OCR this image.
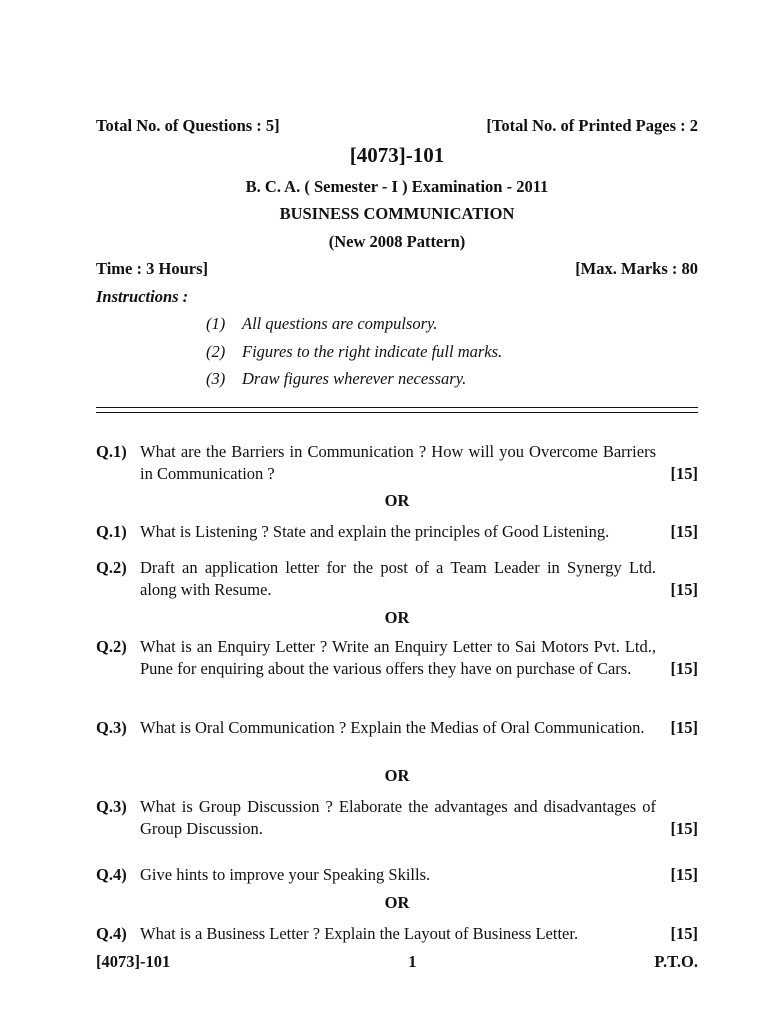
Total No. of Questions : 5]	[Total No. of Printed Pages : 2
[4073]-101
B. C. A. ( Semester - I ) Examination - 2011
BUSINESS COMMUNICATION
(New 2008 Pattern)
Time : 3 Hours]	[Max. Marks : 80
Instructions :
(1) All questions are compulsory.
(2) Figures to the right indicate full marks.
(3) Draw figures wherever necessary.
Q.1) What are the Barriers in Communication ? How will you Overcome Barriers in Communication ?	[15]
OR
Q.1) What is Listening ? State and explain the principles of Good Listening.	[15]
Q.2) Draft an application letter for the post of a Team Leader in Synergy Ltd. along with Resume.	[15]
OR
Q.2) What is an Enquiry Letter ? Write an Enquiry Letter to Sai Motors Pvt. Ltd., Pune for enquiring about the various offers they have on purchase of Cars.	[15]
Q.3) What is Oral Communication ? Explain the Medias of Oral Communication.	[15]
OR
Q.3) What is Group Discussion ? Elaborate the advantages and disadvantages of Group Discussion.	[15]
Q.4) Give hints to improve your Speaking Skills.	[15]
OR
Q.4) What is a Business Letter ? Explain the Layout of Business Letter.	[15]
[4073]-101	1	P.T.O.
